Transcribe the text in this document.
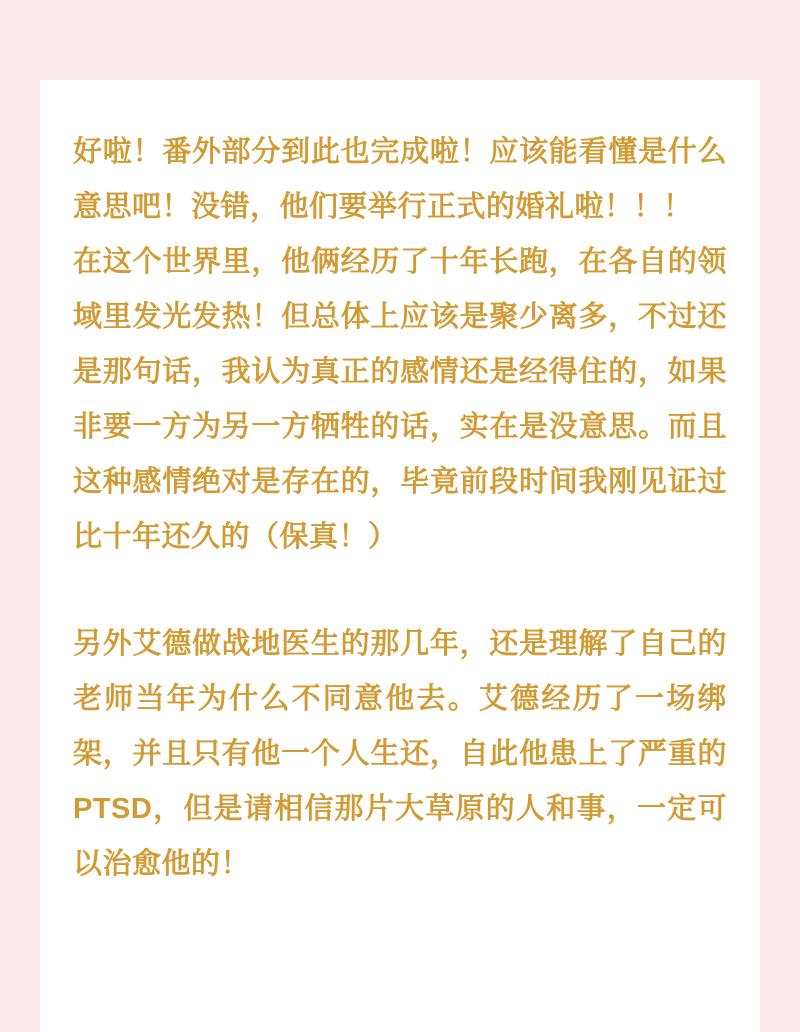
好啦！番外部分到此也完成啦！应该能看懂是什么意思吧！没错，他们要举行正式的婚礼啦！！！

在这个世界里，他俩经历了十年长跑，在各自的领域里发光发热！但总体上应该是聚少离多，不过还是那句话，我认为真正的感情还是经得住的，如果非要一方为另一方牺牲的话，实在是没意思。而且这种感情绝对是存在的，毕竟前段时间我刚见证过比十年还久的（保真！）

另外艾德做战地医生的那几年，还是理解了自己的老师当年为什么不同意他去。艾德经历了一场绑架，并且只有他一个人生还，自此他患上了严重的PTSD，但是请相信那片大草原的人和事，一定可以治愈他的！
